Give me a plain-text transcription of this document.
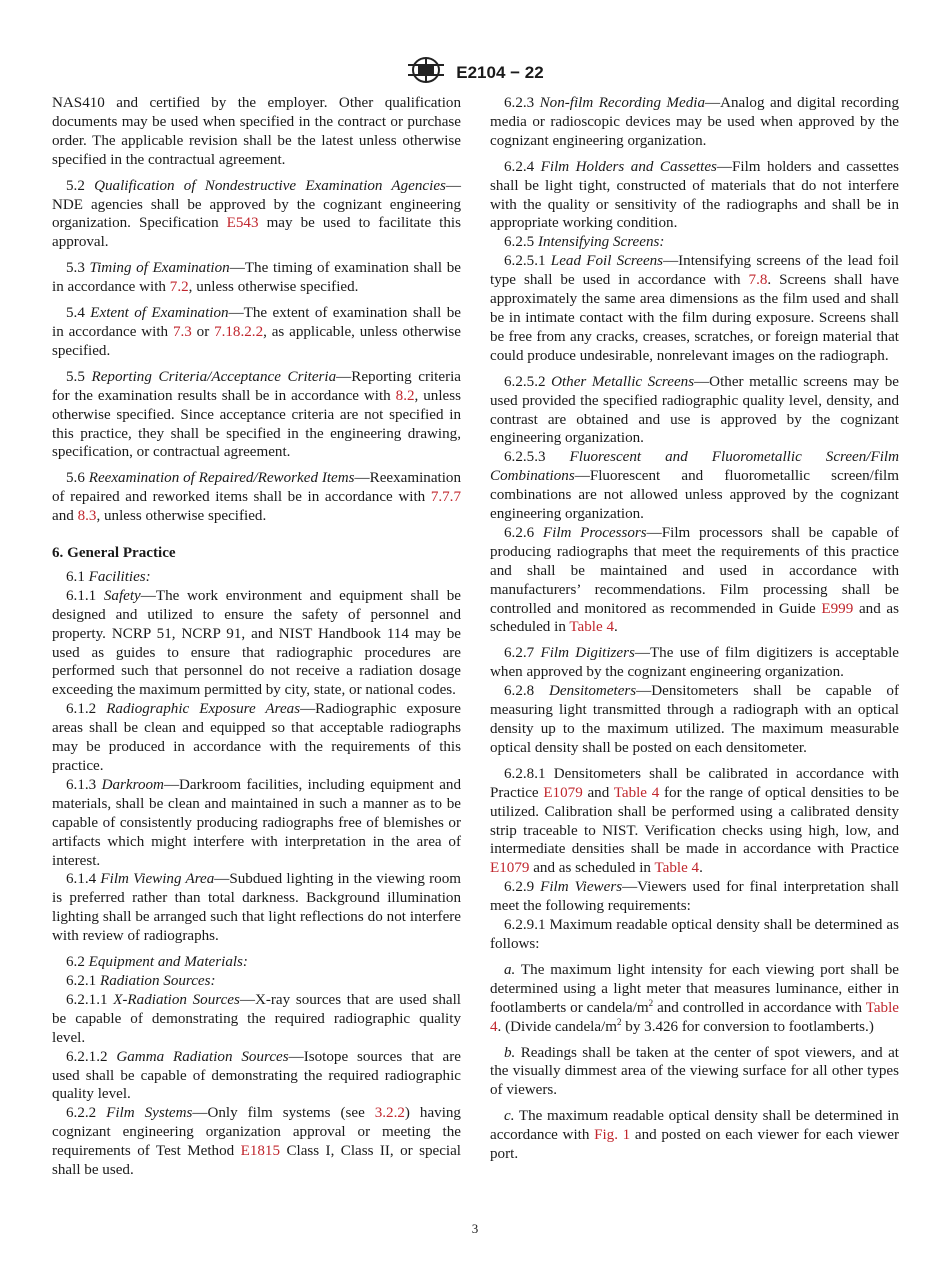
E2104 − 22

NAS410 and certified by the employer. Other qualification documents may be used when specified in the contract or purchase order. The applicable revision shall be the latest unless otherwise specified in the contractual agreement.

5.2 Qualification of Nondestructive Examination Agencies—NDE agencies shall be approved by the cognizant engineering organization. Specification E543 may be used to facilitate this approval.

5.3 Timing of Examination—The timing of examination shall be in accordance with 7.2, unless otherwise specified.

5.4 Extent of Examination—The extent of examination shall be in accordance with 7.3 or 7.18.2.2, as applicable, unless otherwise specified.

5.5 Reporting Criteria/Acceptance Criteria—Reporting criteria for the examination results shall be in accordance with 8.2, unless otherwise specified. Since acceptance criteria are not specified in this practice, they shall be specified in the engineering drawing, specification, or contractual agreement.

5.6 Reexamination of Repaired/Reworked Items—Reexamination of repaired and reworked items shall be in accordance with 7.7.7 and 8.3, unless otherwise specified.

6. General Practice

6.1 Facilities:

6.1.1 Safety—The work environment and equipment shall be designed and utilized to ensure the safety of personnel and property. NCRP 51, NCRP 91, and NIST Handbook 114 may be used as guides to ensure that radiographic procedures are performed such that personnel do not receive a radiation dosage exceeding the maximum permitted by city, state, or national codes.

6.1.2 Radiographic Exposure Areas—Radiographic exposure areas shall be clean and equipped so that acceptable radiographs may be produced in accordance with the requirements of this practice.

6.1.3 Darkroom—Darkroom facilities, including equipment and materials, shall be clean and maintained in such a manner as to be capable of consistently producing radiographs free of blemishes or artifacts which might interfere with interpretation in the area of interest.

6.1.4 Film Viewing Area—Subdued lighting in the viewing room is preferred rather than total darkness. Background illumination lighting shall be arranged such that light reflections do not interfere with review of radiographs.

6.2 Equipment and Materials:

6.2.1 Radiation Sources:

6.2.1.1 X-Radiation Sources—X-ray sources that are used shall be capable of demonstrating the required radiographic quality level.

6.2.1.2 Gamma Radiation Sources—Isotope sources that are used shall be capable of demonstrating the required radiographic quality level.

6.2.2 Film Systems—Only film systems (see 3.2.2) having cognizant engineering organization approval or meeting the requirements of Test Method E1815 Class I, Class II, or special shall be used.

6.2.3 Non-film Recording Media—Analog and digital recording media or radioscopic devices may be used when approved by the cognizant engineering organization.

6.2.4 Film Holders and Cassettes—Film holders and cassettes shall be light tight, constructed of materials that do not interfere with the quality or sensitivity of the radiographs and shall be in appropriate working condition.

6.2.5 Intensifying Screens:

6.2.5.1 Lead Foil Screens—Intensifying screens of the lead foil type shall be used in accordance with 7.8. Screens shall have approximately the same area dimensions as the film used and shall be in intimate contact with the film during exposure. Screens shall be free from any cracks, creases, scratches, or foreign material that could produce undesirable, nonrelevant images on the radiograph.

6.2.5.2 Other Metallic Screens—Other metallic screens may be used provided the specified radiographic quality level, density, and contrast are obtained and use is approved by the cognizant engineering organization.

6.2.5.3 Fluorescent and Fluorometallic Screen/Film Combinations—Fluorescent and fluorometallic screen/film combinations are not allowed unless approved by the cognizant engineering organization.

6.2.6 Film Processors—Film processors shall be capable of producing radiographs that meet the requirements of this practice and shall be maintained and used in accordance with manufacturers’ recommendations. Film processing shall be controlled and monitored as recommended in Guide E999 and as scheduled in Table 4.

6.2.7 Film Digitizers—The use of film digitizers is acceptable when approved by the cognizant engineering organization.

6.2.8 Densitometers—Densitometers shall be capable of measuring light transmitted through a radiograph with an optical density up to the maximum utilized. The maximum measurable optical density shall be posted on each densitometer.

6.2.8.1 Densitometers shall be calibrated in accordance with Practice E1079 and Table 4 for the range of optical densities to be utilized. Calibration shall be performed using a calibrated density strip traceable to NIST. Verification checks using high, low, and intermediate densities shall be made in accordance with Practice E1079 and as scheduled in Table 4.

6.2.9 Film Viewers—Viewers used for final interpretation shall meet the following requirements:

6.2.9.1 Maximum readable optical density shall be determined as follows:

a. The maximum light intensity for each viewing port shall be determined using a light meter that measures luminance, either in footlamberts or candela/$m^2$ and controlled in accordance with Table 4. (Divide candela/$m^2$ by 3.426 for conversion to footlamberts.)

b. Readings shall be taken at the center of spot viewers, and at the visually dimmest area of the viewing surface for all other types of viewers.

c. The maximum readable optical density shall be determined in accordance with Fig. 1 and posted on each viewer for each viewer port.

3
